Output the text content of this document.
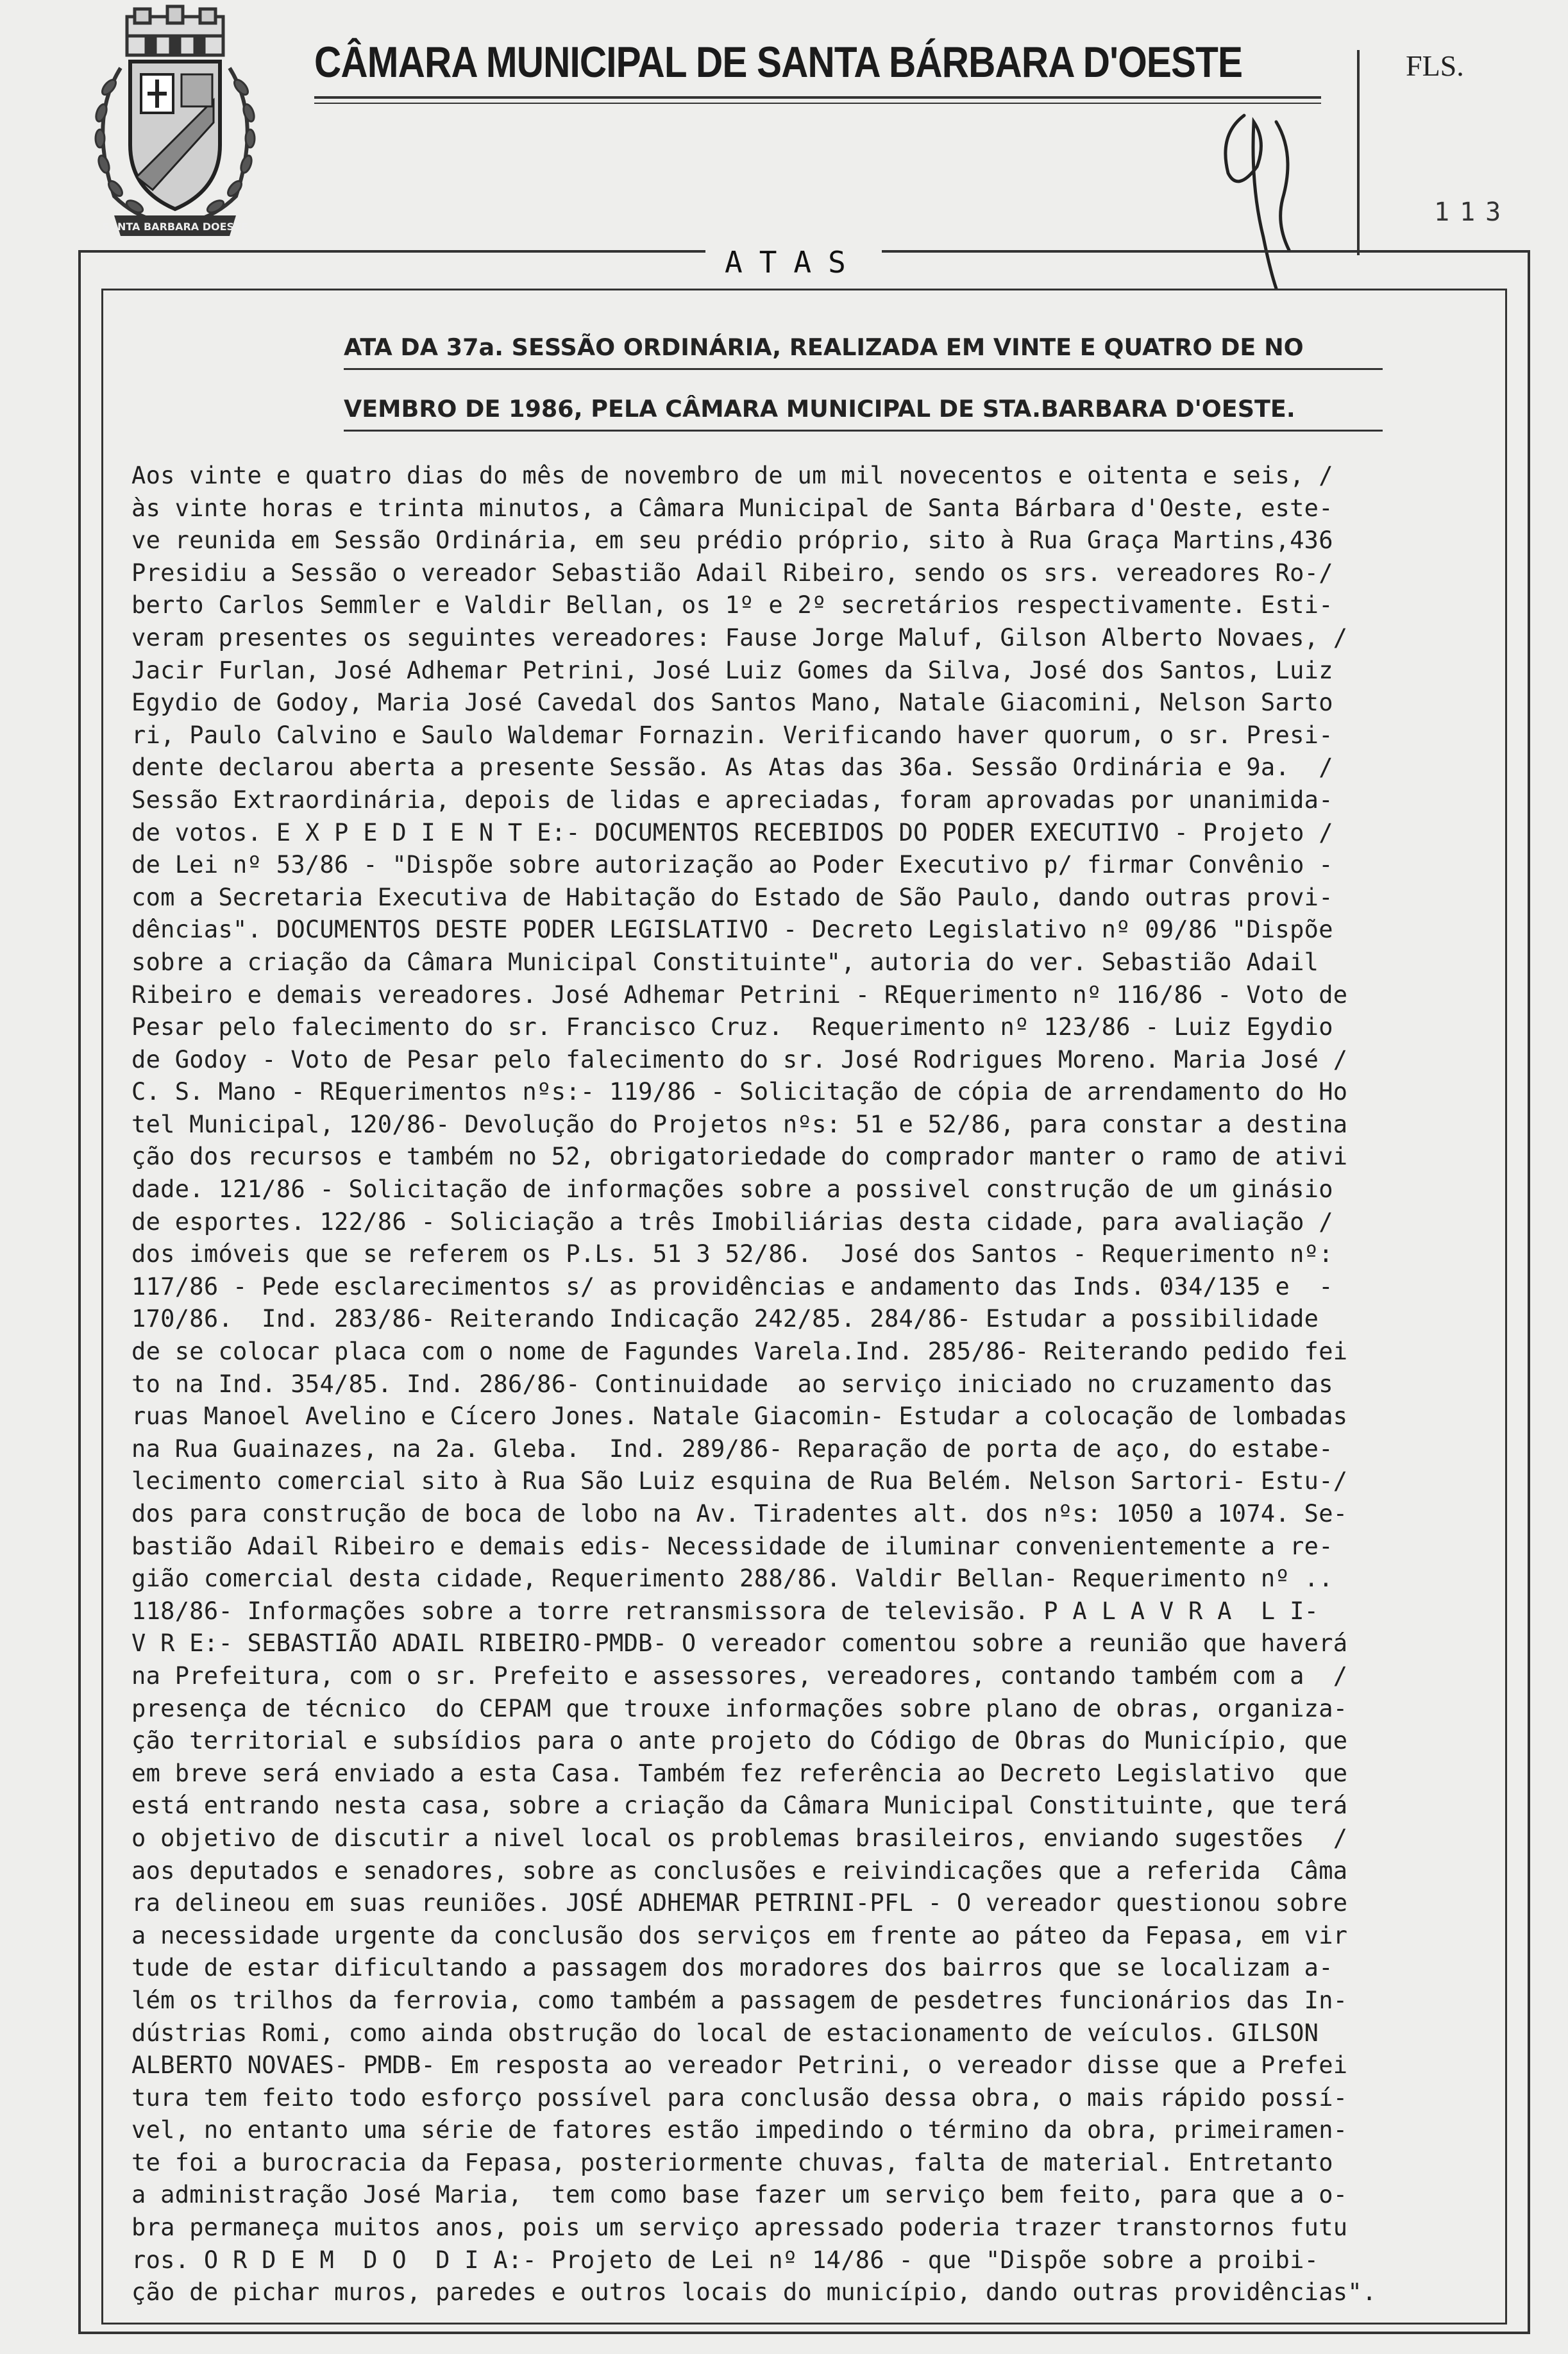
SANTA BARBARA DOESTE
CÂMARA MUNICIPAL DE SANTA BÁRBARA D'OESTE	FLS.
113
ATAS
ATA DA 37a. SESSÃO ORDINÁRIA, REALIZADA EM VINTE E QUATRO DE NO
VEMBRO DE 1986, PELA CÂMARA MUNICIPAL DE STA.BARBARA D'OESTE.
Aos vinte e quatro dias do mês de novembro de um mil novecentos e oitenta e seis, /
às vinte horas e trinta minutos, a Câmara Municipal de Santa Bárbara d'Oeste, este-
ve reunida em Sessão Ordinária, em seu prédio próprio, sito à Rua Graça Martins,436
Presidiu a Sessão o vereador Sebastião Adail Ribeiro, sendo os srs. vereadores Ro-/
berto Carlos Semmler e Valdir Bellan, os 1º e 2º secretários respectivamente. Esti-
veram presentes os seguintes vereadores: Fause Jorge Maluf, Gilson Alberto Novaes, /
Jacir Furlan, José Adhemar Petrini, José Luiz Gomes da Silva, José dos Santos, Luiz
Egydio de Godoy, Maria José Cavedal dos Santos Mano, Natale Giacomini, Nelson Sarto
ri, Paulo Calvino e Saulo Waldemar Fornazin. Verificando haver quorum, o sr. Presi-
dente declarou aberta a presente Sessão. As Atas das 36a. Sessão Ordinária e 9a.  /
Sessão Extraordinária, depois de lidas e apreciadas, foram aprovadas por unanimida-
de votos. E X P E D I E N T E:- DOCUMENTOS RECEBIDOS DO PODER EXECUTIVO - Projeto /
de Lei nº 53/86 - "Dispõe sobre autorização ao Poder Executivo p/ firmar Convênio -
com a Secretaria Executiva de Habitação do Estado de São Paulo, dando outras provi-
dências". DOCUMENTOS DESTE PODER LEGISLATIVO - Decreto Legislativo nº 09/86 "Dispõe
sobre a criação da Câmara Municipal Constituinte", autoria do ver. Sebastião Adail
Ribeiro e demais vereadores. José Adhemar Petrini - REquerimento nº 116/86 - Voto de
Pesar pelo falecimento do sr. Francisco Cruz.  Requerimento nº 123/86 - Luiz Egydio
de Godoy - Voto de Pesar pelo falecimento do sr. José Rodrigues Moreno. Maria José /
C. S. Mano - REquerimentos nºs:- 119/86 - Solicitação de cópia de arrendamento do Ho
tel Municipal, 120/86- Devolução do Projetos nºs: 51 e 52/86, para constar a destina
ção dos recursos e também no 52, obrigatoriedade do comprador manter o ramo de ativi
dade. 121/86 - Solicitação de informações sobre a possivel construção de um ginásio
de esportes. 122/86 - Soliciação a três Imobiliárias desta cidade, para avaliação /
dos imóveis que se referem os P.Ls. 51 3 52/86.  José dos Santos - Requerimento nº:
117/86 - Pede esclarecimentos s/ as providências e andamento das Inds. 034/135 e  -
170/86.  Ind. 283/86- Reiterando Indicação 242/85. 284/86- Estudar a possibilidade
de se colocar placa com o nome de Fagundes Varela.Ind. 285/86- Reiterando pedido fei
to na Ind. 354/85. Ind. 286/86- Continuidade  ao serviço iniciado no cruzamento das
ruas Manoel Avelino e Cícero Jones. Natale Giacomin- Estudar a colocação de lombadas
na Rua Guainazes, na 2a. Gleba.  Ind. 289/86- Reparação de porta de aço, do estabe-
lecimento comercial sito à Rua São Luiz esquina de Rua Belém. Nelson Sartori- Estu-/
dos para construção de boca de lobo na Av. Tiradentes alt. dos nºs: 1050 a 1074. Se-
bastião Adail Ribeiro e demais edis- Necessidade de iluminar convenientemente a re-
gião comercial desta cidade, Requerimento 288/86. Valdir Bellan- Requerimento nº ..
118/86- Informações sobre a torre retransmissora de televisão. P A L A V R A  L I-
V R E:- SEBASTIÃO ADAIL RIBEIRO-PMDB- O vereador comentou sobre a reunião que haverá
na Prefeitura, com o sr. Prefeito e assessores, vereadores, contando também com a  /
presença de técnico  do CEPAM que trouxe informações sobre plano de obras, organiza-
ção territorial e subsídios para o ante projeto do Código de Obras do Município, que
em breve será enviado a esta Casa. Também fez referência ao Decreto Legislativo  que
está entrando nesta casa, sobre a criação da Câmara Municipal Constituinte, que terá
o objetivo de discutir a nivel local os problemas brasileiros, enviando sugestões  /
aos deputados e senadores, sobre as conclusões e reivindicações que a referida  Câma
ra delineou em suas reuniões. JOSÉ ADHEMAR PETRINI-PFL - O vereador questionou sobre
a necessidade urgente da conclusão dos serviços em frente ao páteo da Fepasa, em vir
tude de estar dificultando a passagem dos moradores dos bairros que se localizam a-
lém os trilhos da ferrovia, como também a passagem de pesdetres funcionários das In-
dústrias Romi, como ainda obstrução do local de estacionamento de veículos. GILSON
ALBERTO NOVAES- PMDB- Em resposta ao vereador Petrini, o vereador disse que a Prefei
tura tem feito todo esforço possível para conclusão dessa obra, o mais rápido possí-
vel, no entanto uma série de fatores estão impedindo o término da obra, primeiramen-
te foi a burocracia da Fepasa, posteriormente chuvas, falta de material. Entretanto
a administração José Maria,  tem como base fazer um serviço bem feito, para que a o-
bra permaneça muitos anos, pois um serviço apressado poderia trazer transtornos futu
ros. O R D E M  D O  D I A:- Projeto de Lei nº 14/86 - que "Dispõe sobre a proibi-
ção de pichar muros, paredes e outros locais do município, dando outras providências".
